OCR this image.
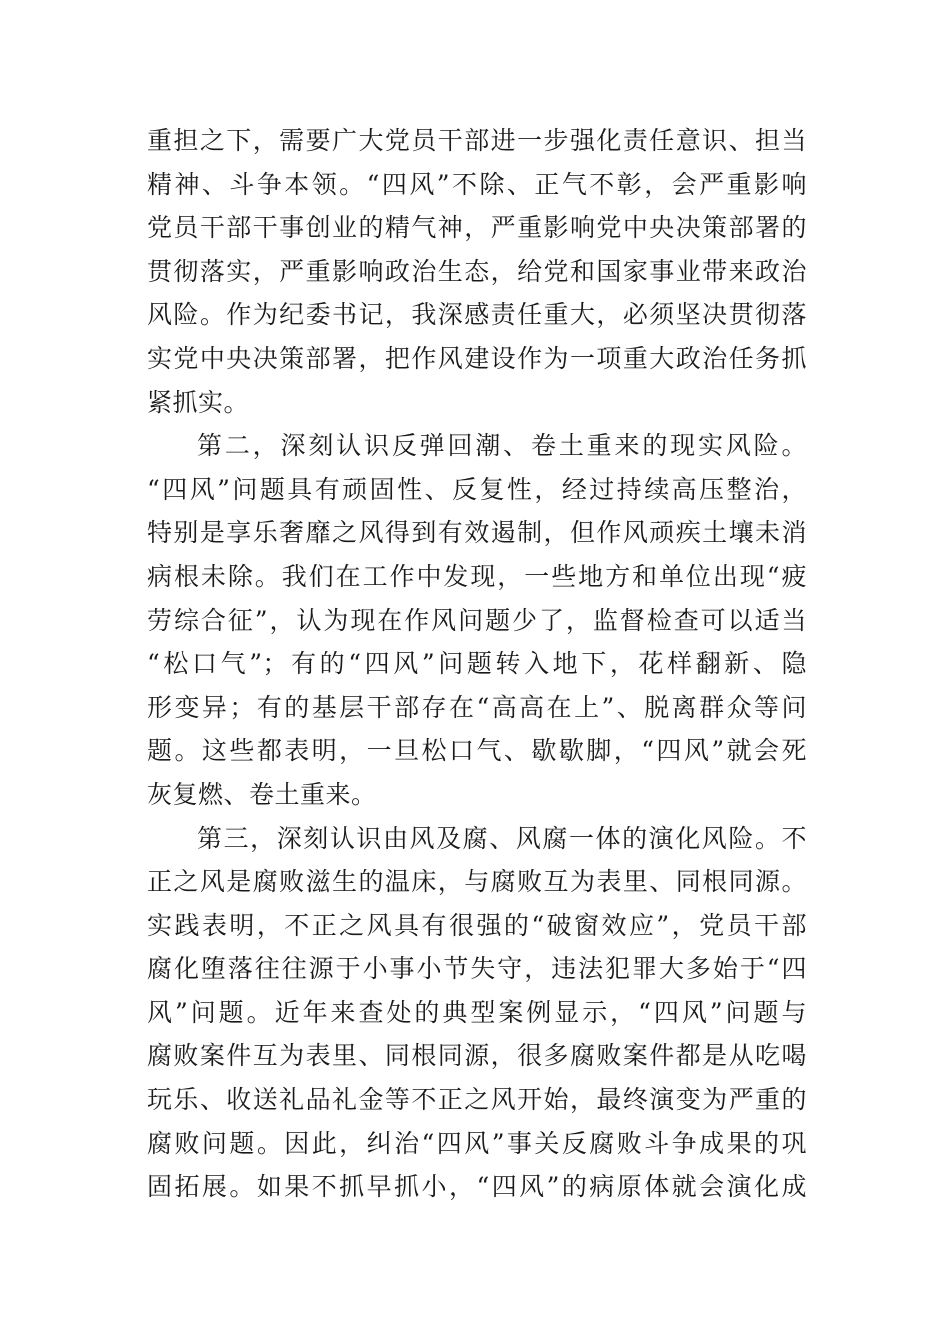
重担之下，需要广大党员干部进一步强化责任意识、担当
精神、斗争本领。“四风”不除、正气不彰，会严重影响
党员干部干事创业的精气神，严重影响党中央决策部署的
贯彻落实，严重影响政治生态，给党和国家事业带来政治
风险。作为纪委书记，我深感责任重大，必须坚决贯彻落
实党中央决策部署，把作风建设作为一项重大政治任务抓
紧抓实。
第二，深刻认识反弹回潮、卷土重来的现实风险。
“四风”问题具有顽固性、反复性，经过持续高压整治，
特别是享乐奢靡之风得到有效遏制，但作风顽疾土壤未消
病根未除。我们在工作中发现，一些地方和单位出现“疲
劳综合征”，认为现在作风问题少了，监督检查可以适当
“松口气”；有的“四风”问题转入地下，花样翻新、隐
形变异；有的基层干部存在“高高在上”、脱离群众等问
题。这些都表明，一旦松口气、歇歇脚，“四风”就会死
灰复燃、卷土重来。
第三，深刻认识由风及腐、风腐一体的演化风险。不
正之风是腐败滋生的温床，与腐败互为表里、同根同源。
实践表明，不正之风具有很强的“破窗效应”，党员干部
腐化堕落往往源于小事小节失守，违法犯罪大多始于“四
风”问题。近年来查处的典型案例显示，“四风”问题与
腐败案件互为表里、同根同源，很多腐败案件都是从吃喝
玩乐、收送礼品礼金等不正之风开始，最终演变为严重的
腐败问题。因此，纠治“四风”事关反腐败斗争成果的巩
固拓展。如果不抓早抓小，“四风”的病原体就会演化成
